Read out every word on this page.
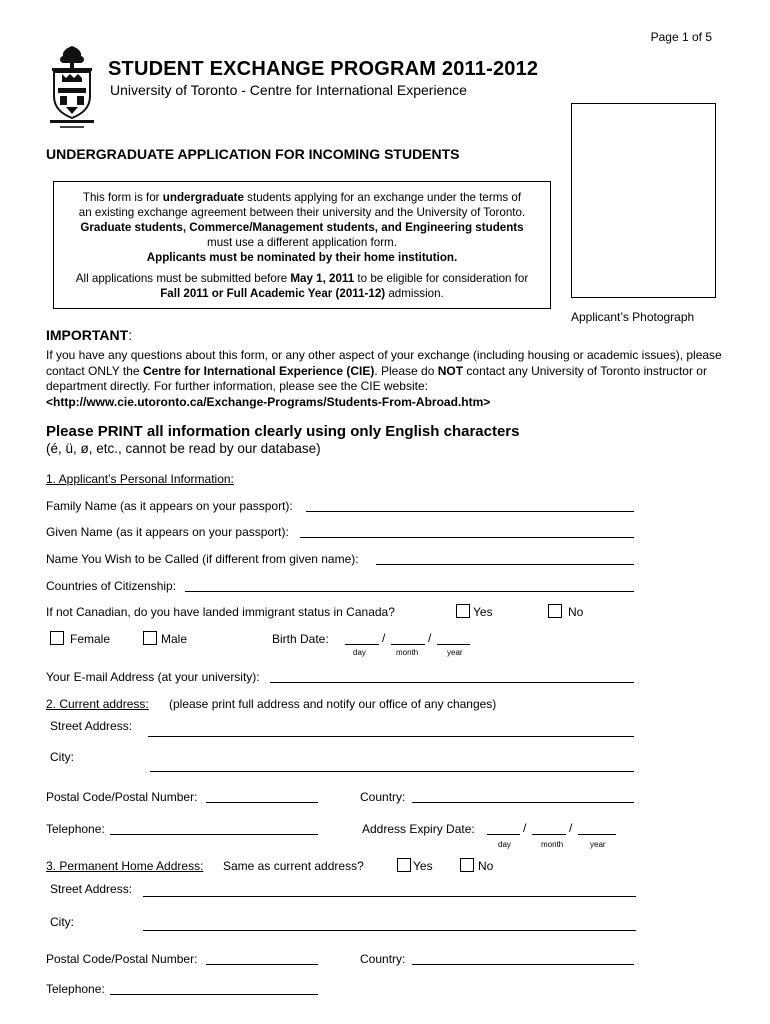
Page 1 of 5
STUDENT EXCHANGE PROGRAM 2011-2012
University of Toronto - Centre for International Experience
Applicant’s Photograph
UNDERGRADUATE APPLICATION FOR INCOMING STUDENTS

This form is for undergraduate students applying for an exchange under the terms of

an existing exchange agreement between their university and the University of Toronto.

Graduate students, Commerce/Management students, and Engineering students

must use a different application form.

Applicants must be nominated by their home institution.

All applications must be submitted before May 1, 2011 to be eligible for consideration for

Fall 2011 or Full Academic Year (2011-12) admission.

IMPORTANT:
If you have any questions about this form, or any other aspect of your exchange (including housing or academic issues), please contact ONLY the Centre for International Experience (CIE). Please do NOT contact any University of Toronto instructor or department directly. For further information, please see the CIE website:
<http://www.cie.utoronto.ca/Exchange-Programs/Students-From-Abroad.htm>
Please PRINT all information clearly using only English characters
(é, ü, ø, etc., cannot be read by our database)
1. Applicant’s Personal Information:
Family Name (as it appears on your passport):
Given Name (as it appears on your passport):
Name You Wish to be Called (if different from given name):
Countries of Citizenship:
If not Canadian, do you have landed immigrant status in Canada?	Yes	No
Female	Male	Birth Date:	/	/
day	month	year
Your E-mail Address (at your university):
2. Current address: (please print full address and notify our office of any changes)
Street Address:
City:
Postal Code/Postal Number:	Country:
Telephone:	Address Expiry Date:	/	/
day	month	year
3. Permanent Home Address: Same as current address?	Yes	No
Street Address:
City:
Postal Code/Postal Number:	Country:
Telephone:
